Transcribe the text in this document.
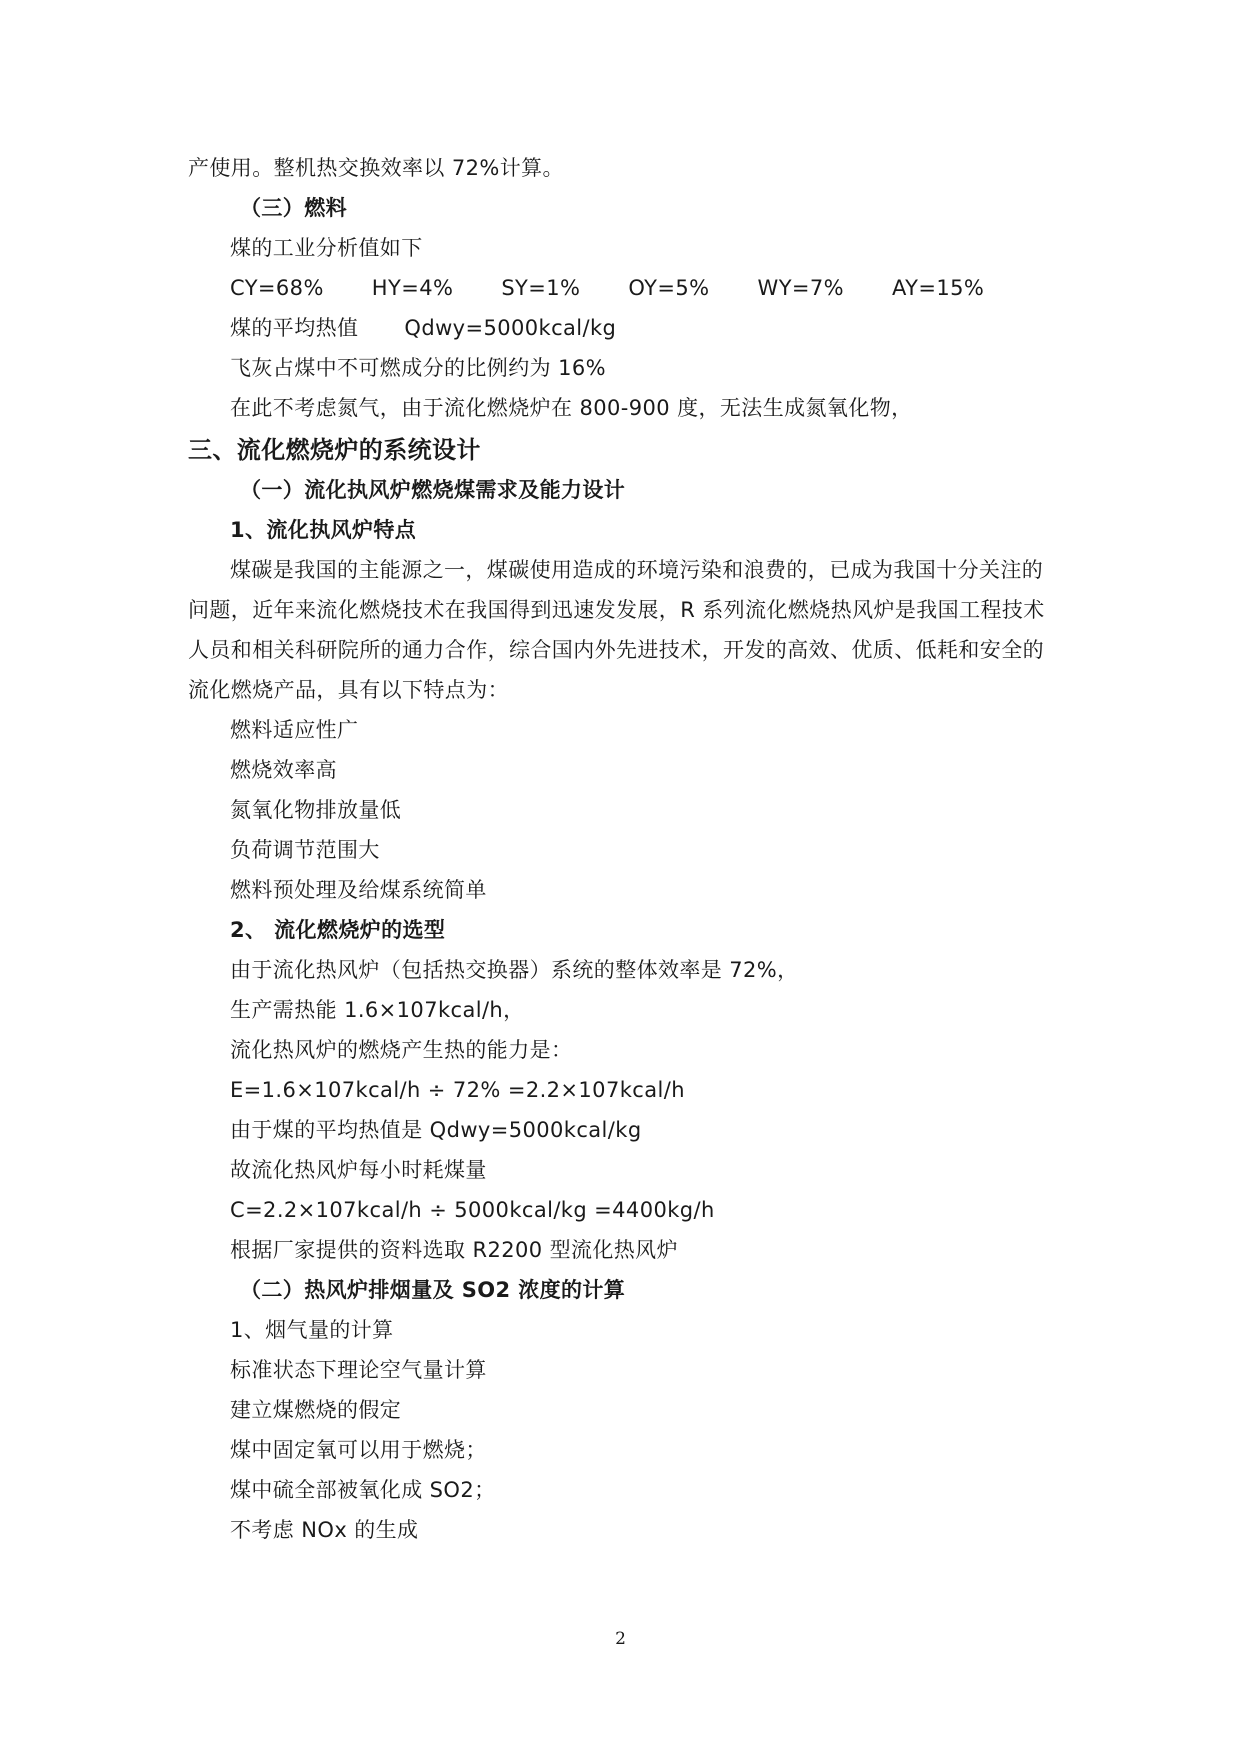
产使用。整机热交换效率以 72%计算。
（三）燃料
煤的工业分析值如下
CY=68% HY=4% SY=1% OY=5% WY=7% AY=15%
煤的平均热值 Qdwy=5000kcal/kg
飞灰占煤中不可燃成分的比例约为 16%
在此不考虑氮气，由于流化燃烧炉在 800-900 度，无法生成氮氧化物，
三、流化燃烧炉的系统设计
（一）流化执风炉燃烧煤需求及能力设计
1、流化执风炉特点
煤碳是我国的主能源之一，煤碳使用造成的环境污染和浪费的，已成为我国十分关注的
问题，近年来流化燃烧技术在我国得到迅速发发展，R 系列流化燃烧热风炉是我国工程技术
人员和相关科研院所的通力合作，综合国内外先进技术，开发的高效、优质、低耗和安全的
流化燃烧产品，具有以下特点为：
燃料适应性广
燃烧效率高
氮氧化物排放量低
负荷调节范围大
燃料预处理及给煤系统简单
2、 流化燃烧炉的选型
由于流化热风炉（包括热交换器）系统的整体效率是 72%，
生产需热能 1.6×107kcal/h，
流化热风炉的燃烧产生热的能力是：
E=1.6×107kcal/h ÷ 72% =2.2×107kcal/h
由于煤的平均热值是 Qdwy=5000kcal/kg
故流化热风炉每小时耗煤量
C=2.2×107kcal/h ÷ 5000kcal/kg =4400kg/h
根据厂家提供的资料选取 R2200 型流化热风炉
（二）热风炉排烟量及 SO2 浓度的计算
1、烟气量的计算
标准状态下理论空气量计算
建立煤燃烧的假定
煤中固定氧可以用于燃烧；
煤中硫全部被氧化成 SO2；
不考虑 NOx 的生成
2
